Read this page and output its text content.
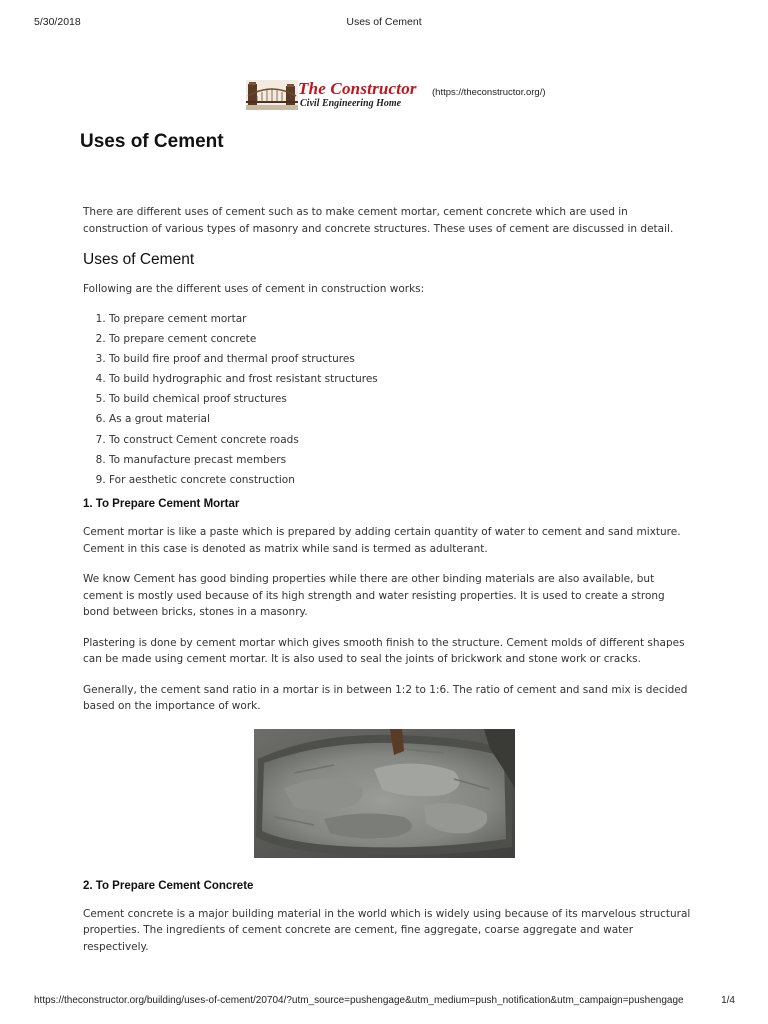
5/30/2018	Uses of Cement
The Constructor
Civil Engineering Home
(https://theconstructor.org/)
Uses of Cement

There are different uses of cement such as to make cement mortar, cement concrete which are used in construction of various types of masonry and concrete structures. These uses of cement are discussed in detail.

Uses of Cement

Following are the different uses of cement in construction works:

1. To prepare cement mortar
2. To prepare cement concrete
3. To build fire proof and thermal proof structures
4. To build hydrographic and frost resistant structures
5. To build chemical proof structures
6. As a grout material
7. To construct Cement concrete roads
8. To manufacture precast members
9. For aesthetic concrete construction
1. To Prepare Cement Mortar

Cement mortar is like a paste which is prepared by adding certain quantity of water to cement and sand mixture. Cement in this case is denoted as matrix while sand is termed as adulterant.

We know Cement has good binding properties while there are other binding materials are also available, but cement is mostly used because of its high strength and water resisting properties. It is used to create a strong bond between bricks, stones in a masonry.

Plastering is done by cement mortar which gives smooth finish to the structure. Cement molds of different shapes can be made using cement mortar. It is also used to seal the joints of brickwork and stone work or cracks.

Generally, the cement sand ratio in a mortar is in between 1:2 to 1:6. The ratio of cement and sand mix is decided based on the importance of work.

2. To Prepare Cement Concrete

Cement concrete is a major building material in the world which is widely using because of its marvelous structural properties. The ingredients of cement concrete are cement, fine aggregate, coarse aggregate and water respectively.

https://theconstructor.org/building/uses-of-cement/20704/?utm_source=pushengage&utm_medium=push_notification&utm_campaign=pushengage	1/4
